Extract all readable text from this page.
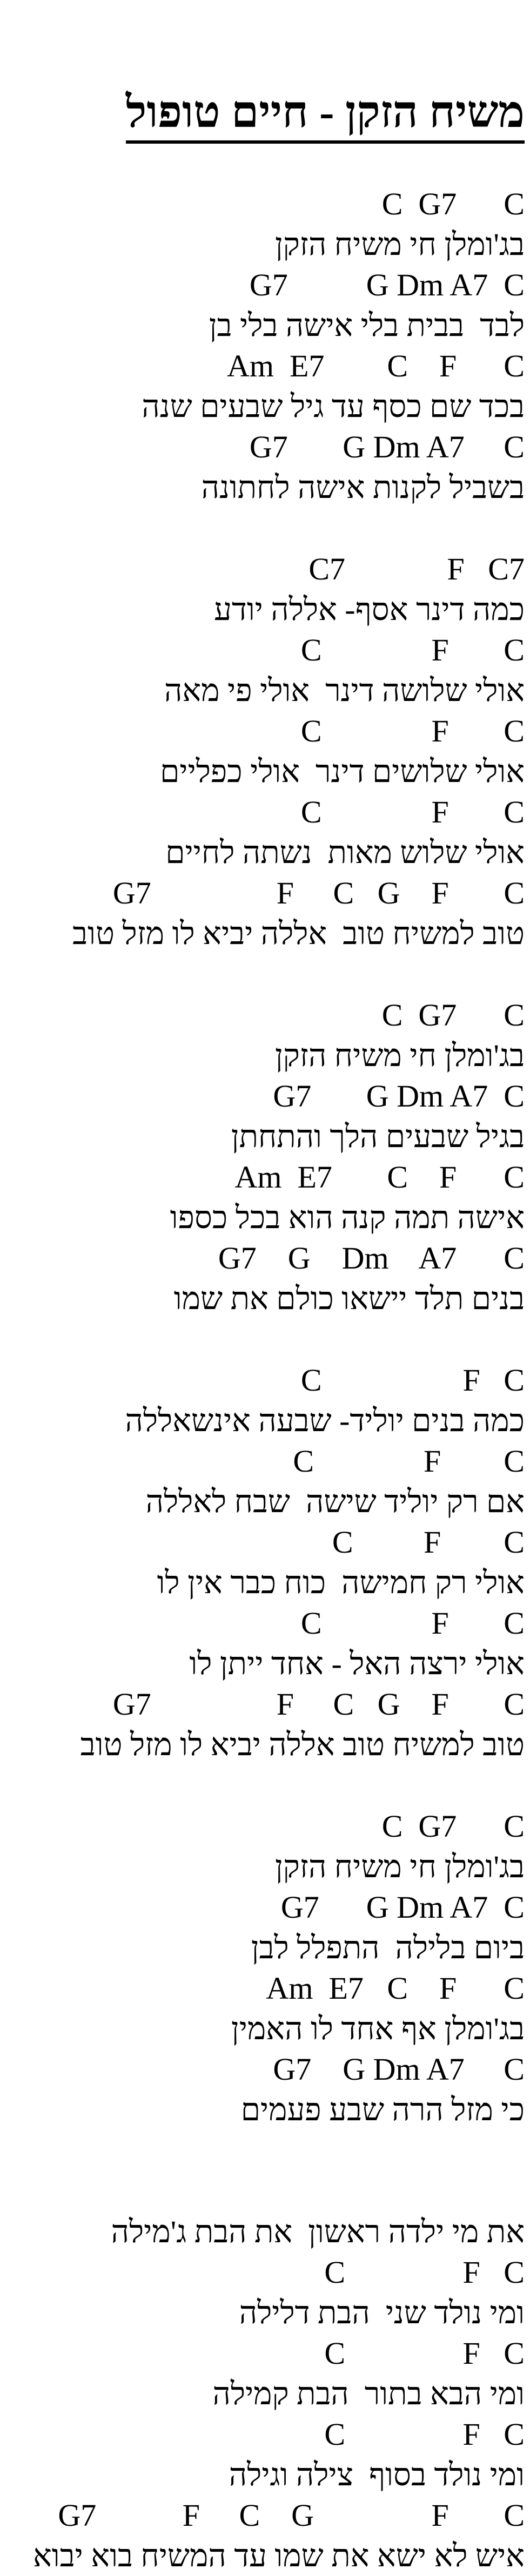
משיח הזקן - חיים טופול
C  G7      C
בג'ומלן חי משיח הזקן
G7          G Dm A7  C
לבד  בבית בלי אישה בלי בן
Am  E7        C    F      C
בכד שם כסף עד גיל שבעים שנה
G7       G Dm A7     C
בשביל לקנות אישה לחתונה
C7             F   C7
כמה דינר אסף- אללה יודע
C              F       C
אולי שלושה דינר  אולי פי מאה
C              F       C
אולי שלושים דינר  אולי כפליים
C              F       C
אולי שלוש מאות  נשתה לחיים
G7                F     C   G    F       C
טוב למשיח טוב  אללה יביא לו מזל טוב
C  G7      C
בג'ומלן חי משיח הזקן
G7       G Dm A7  C
בגיל שבעים הלך והתחתן
Am  E7       C    F      C
אישה תמה קנה הוא בכל כספו
G7    G    Dm    A7      C
בנים תלד יישאו כולם את שמו
C                  F   C
כמה בנים יוליד- שבעה אינשאללה
C              F        C
אם רק יוליד שישה  שבח לאללה
C         F        C
אולי רק חמישה  כוח כבר אין לו
C              F       C
אולי ירצה האל - אחד ייתן לו
G7                F     C   G    F       C
טוב למשיח טוב אללה יביא לו מזל טוב
C  G7      C
בג'ומלן חי משיח הזקן
G7      G Dm A7  C
ביום בלילה  התפלל לבן
Am  E7   C    F      C
בג'ומלן אף אחד לו האמין
G7    G Dm A7     C
כי מזל הרה שבע פעמים
את מי ילדה ראשון  את הבת ג'מילה
C               F   C
ומי נולד שני  הבת דלילה
C               F   C
ומי הבא בתור  הבת קמילה
C               F   C
ומי נולד בסוף  צילה וגילה
G7           F     C    G               F       C
איש לא ישא את שמו עד המשיח בוא יבוא
